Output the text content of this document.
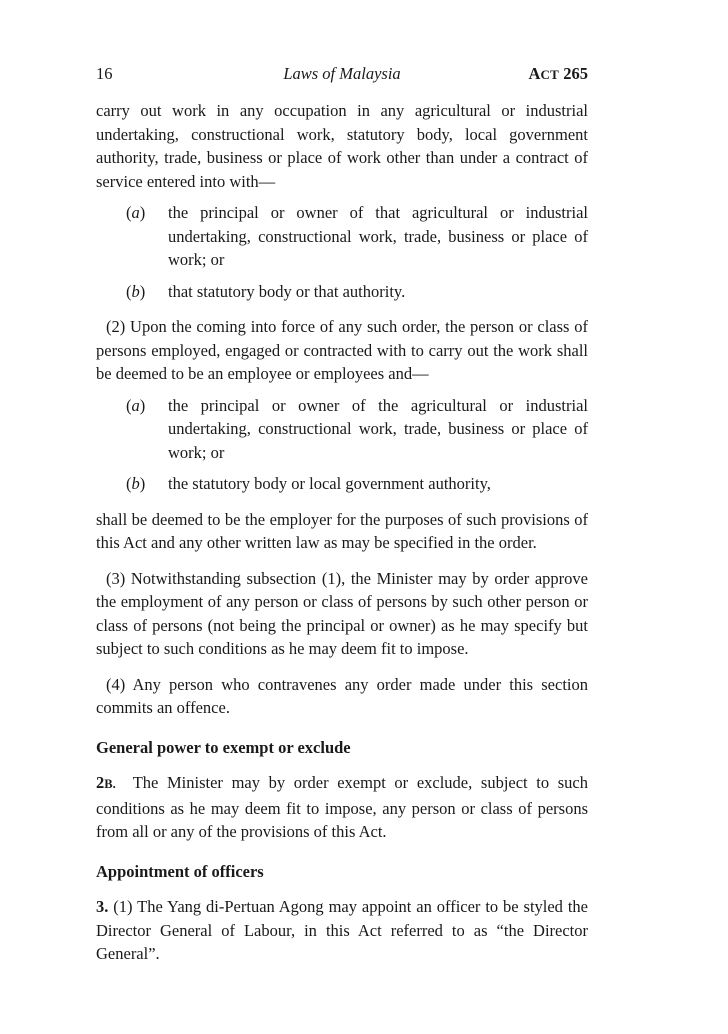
16	Laws of Malaysia	ACT 265

carry out work in any occupation in any agricultural or industrial undertaking, constructional work, statutory body, local government authority, trade, business or place of work other than under a contract of service entered into with—

(a) the principal or owner of that agricultural or industrial undertaking, constructional work, trade, business or place of work; or

(b) that statutory body or that authority.

(2) Upon the coming into force of any such order, the person or class of persons employed, engaged or contracted with to carry out the work shall be deemed to be an employee or employees and—

(a) the principal or owner of the agricultural or industrial undertaking, constructional work, trade, business or place of work; or

(b) the statutory body or local government authority,

shall be deemed to be the employer for the purposes of such provisions of this Act and any other written law as may be specified in the order.

(3) Notwithstanding subsection (1), the Minister may by order approve the employment of any person or class of persons by such other person or class of persons (not being the principal or owner) as he may specify but subject to such conditions as he may deem fit to impose.

(4) Any person who contravenes any order made under this section commits an offence.

General power to exempt or exclude

2B. The Minister may by order exempt or exclude, subject to such conditions as he may deem fit to impose, any person or class of persons from all or any of the provisions of this Act.

Appointment of officers

3. (1) The Yang di-Pertuan Agong may appoint an officer to be styled the Director General of Labour, in this Act referred to as “the Director General”.
